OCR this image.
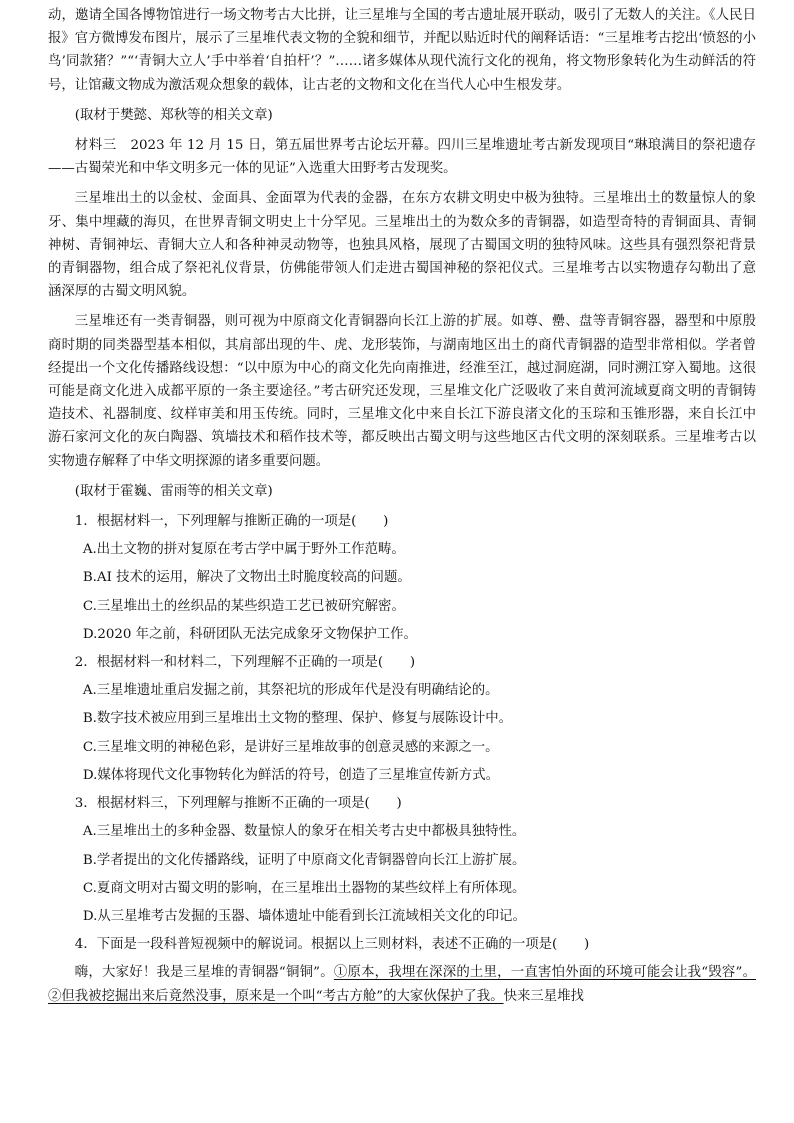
动，邀请全国各博物馆进行一场文物考古大比拼，让三星堆与全国的考古遗址展开联动，吸引了无数人的关注。《人民日报》官方微博发布图片，展示了三星堆代表文物的全貌和细节，并配以贴近时代的阐释话语：“三星堆考古挖出‘愤怒的小鸟’同款猪？”“‘青铜大立人’手中举着‘自拍杆’？”……诸多媒体从现代流行文化的视角，将文物形象转化为生动鲜活的符号，让馆藏文物成为激活观众想象的载体，让古老的文物和文化在当代人心中生根发芽。

(取材于樊懿、郑秋等的相关文章)

材料三　 2023 年 12 月 15 日，第五届世界考古论坛开幕。四川三星堆遗址考古新发现项目“琳琅满目的祭祀遗存——古蜀荣光和中华文明多元一体的见证”入选重大田野考古发现奖。

三星堆出土的以金杖、金面具、金面罩为代表的金器，在东方农耕文明史中极为独特。三星堆出土的数量惊人的象牙、集中埋藏的海贝，在世界青铜文明史上十分罕见。三星堆出土的为数众多的青铜器，如造型奇特的青铜面具、青铜神树、青铜神坛、青铜大立人和各种神灵动物等，也独具风格，展现了古蜀国文明的独特风味。这些具有强烈祭祀背景的青铜器物，组合成了祭祀礼仪背景，仿佛能带领人们走进古蜀国神秘的祭祀仪式。三星堆考古以实物遗存勾勒出了意涵深厚的古蜀文明风貌。

三星堆还有一类青铜器，则可视为中原商文化青铜器向长江上游的扩展。如尊、罍、盘等青铜容器，器型和中原殷商时期的同类器型基本相似，其肩部出现的牛、虎、龙形装饰，与湖南地区出土的商代青铜器的造型非常相似。学者曾经提出一个文化传播路线设想：“以中原为中心的商文化先向南推进，经淮至江，越过洞庭湖，同时溯江穿入蜀地。这很可能是商文化进入成都平原的一条主要途径。”考古研究还发现，三星堆文化广泛吸收了来自黄河流域夏商文明的青铜铸造技术、礼器制度、纹样审美和用玉传统。同时，三星堆文化中来自长江下游良渚文化的玉琮和玉锥形器，来自长江中游石家河文化的灰白陶器、筑墙技术和稻作技术等，都反映出古蜀文明与这些地区古代文明的深刻联系。三星堆考古以实物遗存解释了中华文明探源的诸多重要问题。

(取材于霍巍、雷雨等的相关文章)

1．根据材料一，下列理解与推断正确的一项是(　　)

A.出土文物的拼对复原在考古学中属于野外工作范畴。

B.AI 技术的运用，解决了文物出土时脆度较高的问题。

C.三星堆出土的丝织品的某些织造工艺已被研究解密。

D.2020 年之前，科研团队无法完成象牙文物保护工作。

2．根据材料一和材料二，下列理解不正确的一项是(　　)

A.三星堆遗址重启发掘之前，其祭祀坑的形成年代是没有明确结论的。

B.数字技术被应用到三星堆出土文物的整理、保护、修复与展陈设计中。

C.三星堆文明的神秘色彩，是讲好三星堆故事的创意灵感的来源之一。

D.媒体将现代文化事物转化为鲜活的符号，创造了三星堆宣传新方式。

3．根据材料三，下列理解与推断不正确的一项是(　　)

A.三星堆出土的多种金器、数量惊人的象牙在相关考古史中都极具独特性。

B.学者提出的文化传播路线，证明了中原商文化青铜器曾向长江上游扩展。

C.夏商文明对古蜀文明的影响，在三星堆出土器物的某些纹样上有所体现。

D.从三星堆考古发掘的玉器、墙体遗址中能看到长江流域相关文化的印记。

4．下面是一段科普短视频中的解说词。根据以上三则材料，表述不正确的一项是(　　)

嗨，大家好！我是三星堆的青铜器“铜铜”。①原本，我埋在深深的土里，一直害怕外面的环境可能会让我“毁容”。②但我被挖掘出来后竟然没事，原来是一个叫“考古方舱”的大家伙保护了我。快来三星堆找
